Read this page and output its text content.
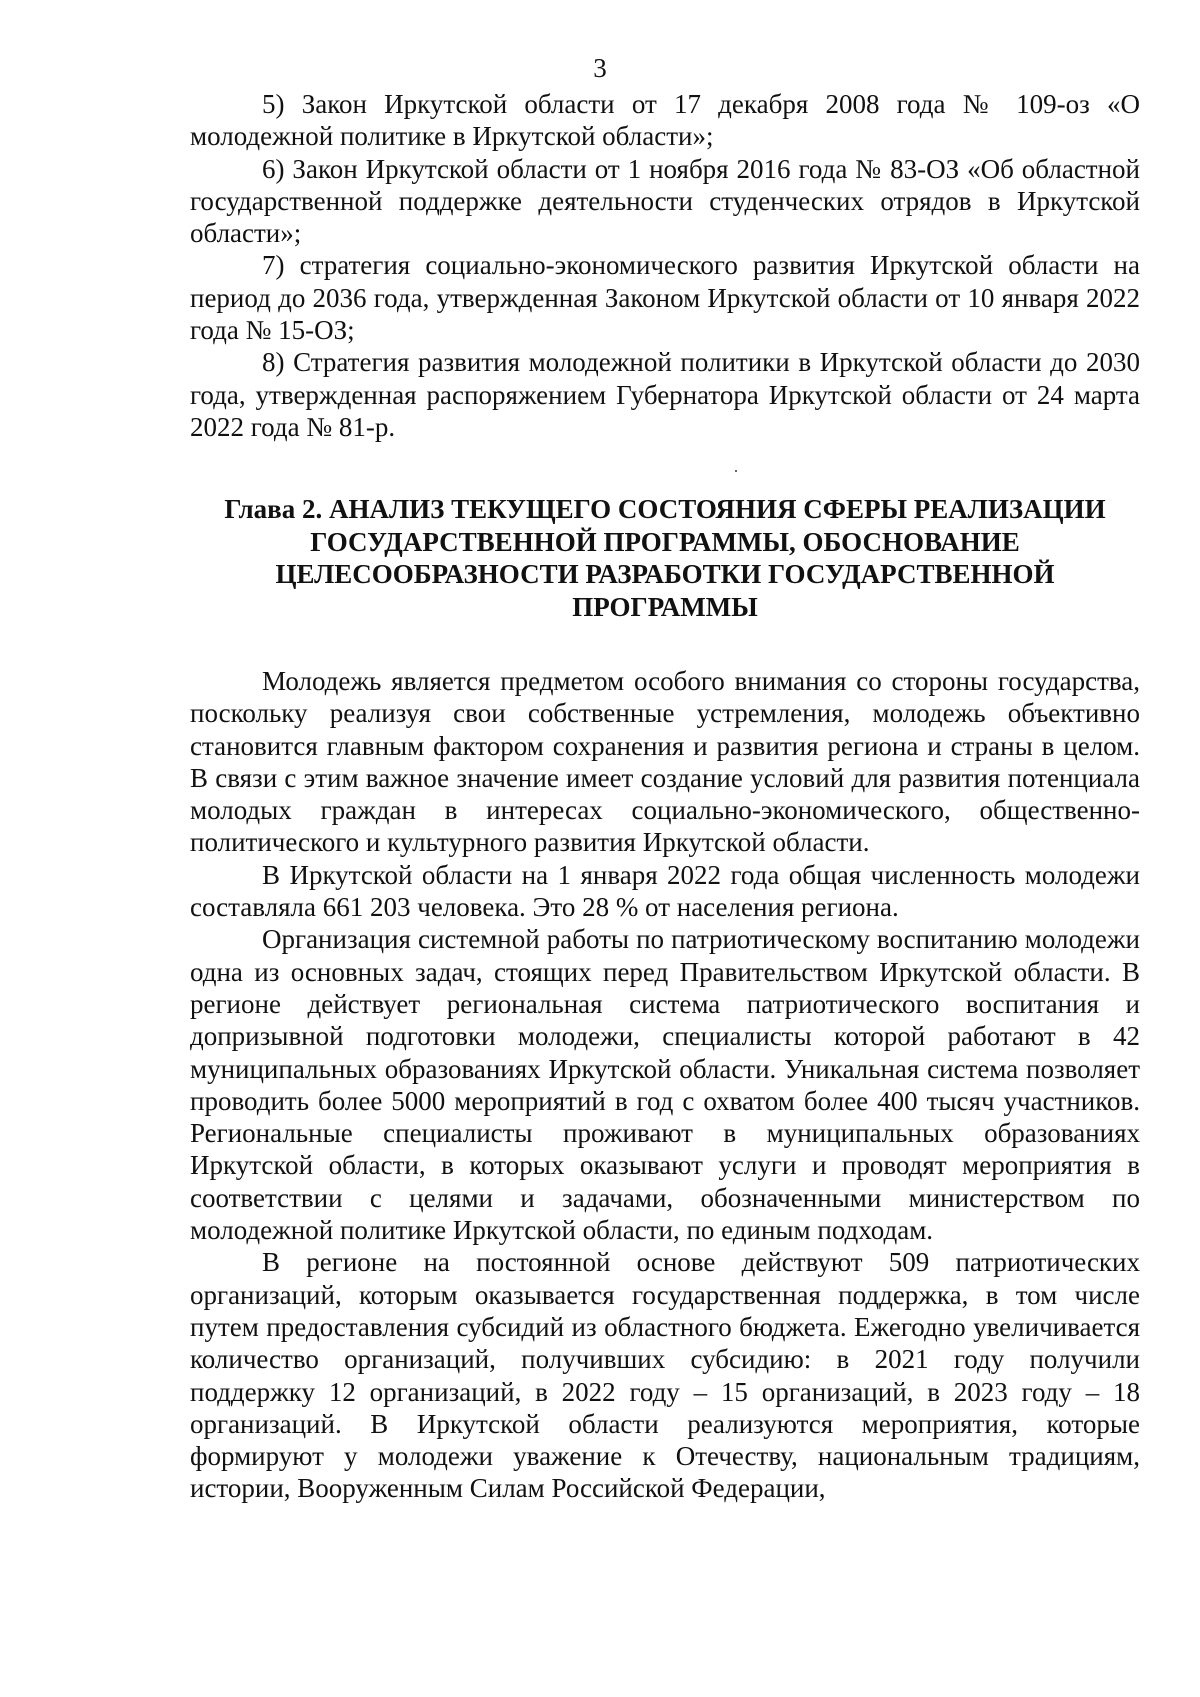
3

5) Закон Иркутской области от 17 декабря 2008 года № 109-оз «О молодежной политике в Иркутской области»;

6) Закон Иркутской области от 1 ноября 2016 года № 83-ОЗ «Об областной государственной поддержке деятельности студенческих отрядов в Иркутской области»;

7) стратегия социально-экономического развития Иркутской области на период до 2036 года, утвержденная Законом Иркутской области от 10 января 2022 года № 15-ОЗ;

8) Стратегия развития молодежной политики в Иркутской области до 2030 года, утвержденная распоряжением Губернатора Иркутской области от 24 марта 2022 года № 81-р.

Глава 2. АНАЛИЗ ТЕКУЩЕГО СОСТОЯНИЯ СФЕРЫ РЕАЛИЗАЦИИ
ГОСУДАРСТВЕННОЙ ПРОГРАММЫ, ОБОСНОВАНИЕ
ЦЕЛЕСООБРАЗНОСТИ РАЗРАБОТКИ ГОСУДАРСТВЕННОЙ
ПРОГРАММЫ

Молодежь является предметом особого внимания со стороны государства, поскольку реализуя свои собственные устремления, молодежь объективно становится главным фактором сохранения и развития региона и страны в целом. В связи с этим важное значение имеет создание условий для развития потенциала молодых граждан в интересах социально-экономического, общественно-политического и культурного развития Иркутской области.

В Иркутской области на 1 января 2022 года общая численность молодежи составляла 661 203 человека. Это 28 % от населения региона.

Организация системной работы по патриотическому воспитанию молодежи одна из основных задач, стоящих перед Правительством Иркутской области. В регионе действует региональная система патриотического воспитания и допризывной подготовки молодежи, специалисты которой работают в 42 муниципальных образованиях Иркутской области. Уникальная система позволяет проводить более 5000 мероприятий в год с охватом более 400 тысяч участников. Региональные специалисты проживают в муниципальных образованиях Иркутской области, в которых оказывают услуги и проводят мероприятия в соответствии с целями и задачами, обозначенными министерством по молодежной политике Иркутской области, по единым подходам.

В регионе на постоянной основе действуют 509 патриотических организаций, которым оказывается государственная поддержка, в том числе путем предоставления субсидий из областного бюджета. Ежегодно увеличивается количество организаций, получивших субсидию: в 2021 году получили поддержку 12 организаций, в 2022 году – 15 организаций, в 2023 году – 18 организаций. В Иркутской области реализуются мероприятия, которые формируют у молодежи уважение к Отечеству, национальным традициям, истории, Вооруженным Силам Российской Федерации,
